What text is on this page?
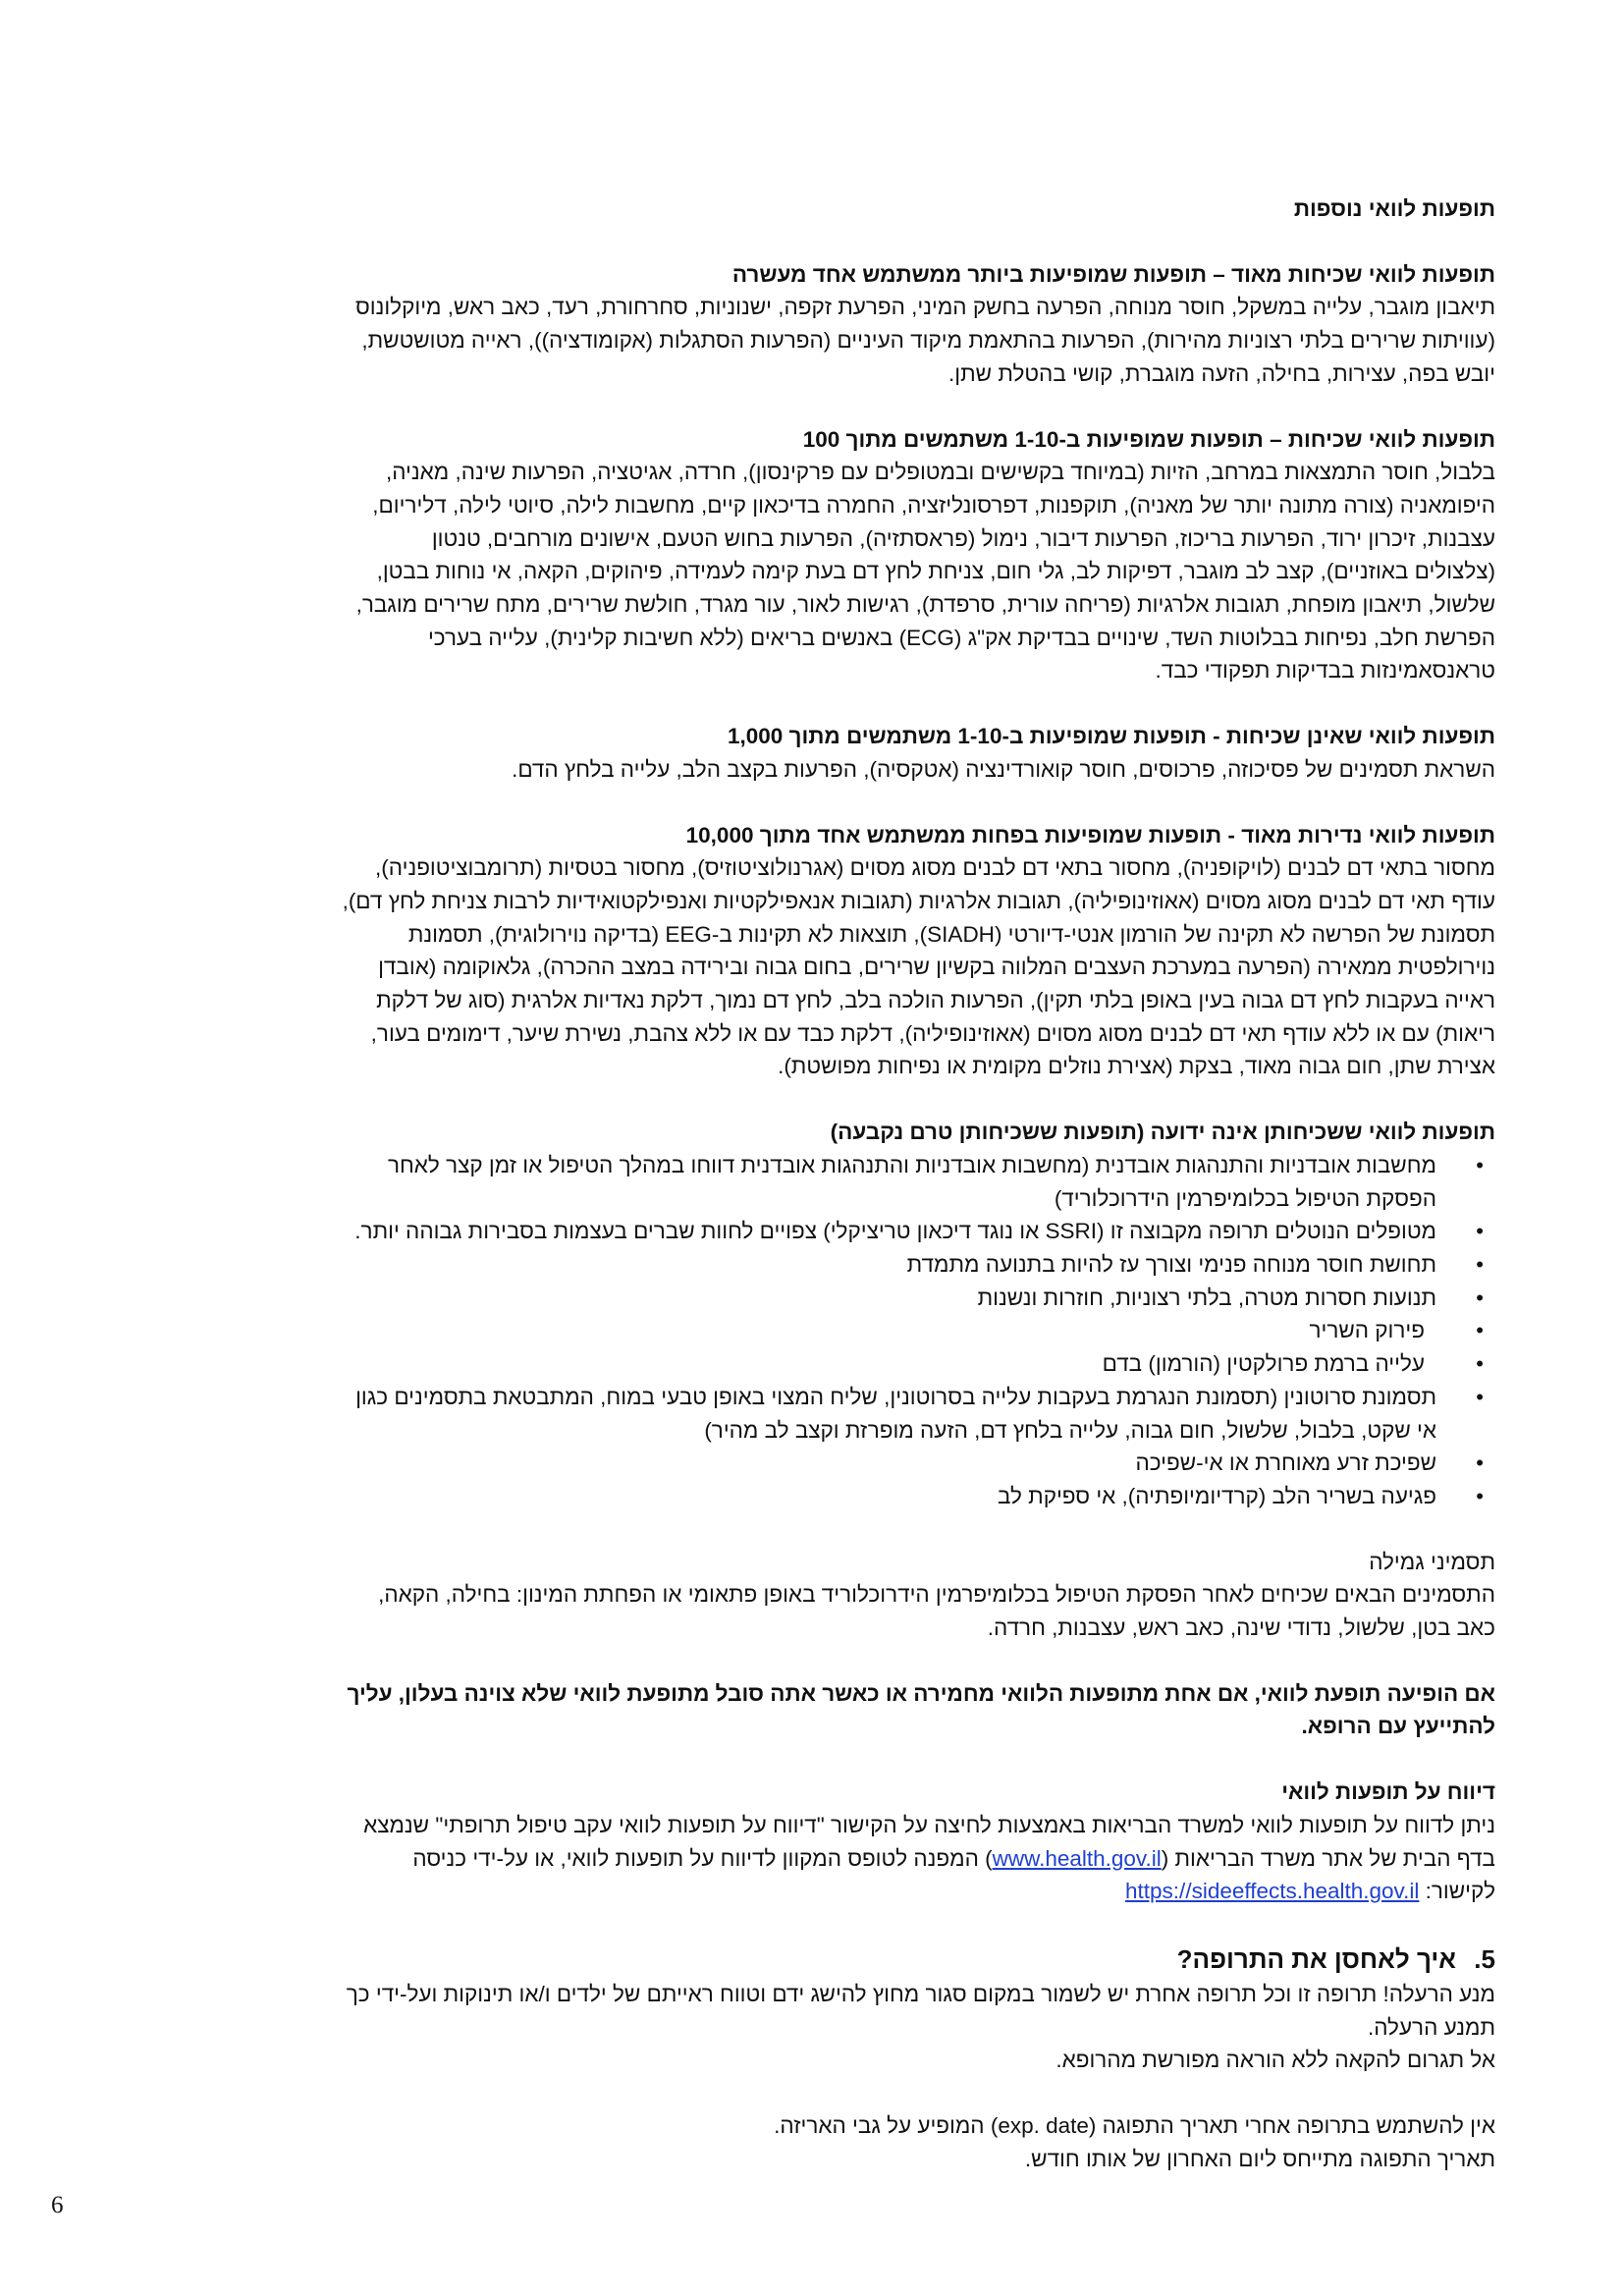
תופעות לוואי נוספות

תופעות לוואי שכיחות מאוד – תופעות שמופיעות ביותר ממשתמש אחד מעשרה

תיאבון מוגבר, עלייה במשקל, חוסר מנוחה, הפרעה בחשק המיני, הפרעת זקפה, ישנוניות, סחרחורת, רעד, כאב ראש, מיוקלונוס

(עוויתות שרירים בלתי רצוניות מהירות), הפרעות בהתאמת מיקוד העיניים (הפרעות הסתגלות (אקומודציה)), ראייה מטושטשת,

יובש בפה, עצירות, בחילה, הזעה מוגברת, קושי בהטלת שתן.

תופעות לוואי שכיחות – תופעות שמופיעות ב-1-10 משתמשים מתוך 100

בלבול, חוסר התמצאות במרחב, הזיות (במיוחד בקשישים ובמטופלים עם פרקינסון), חרדה, אגיטציה, הפרעות שינה, מאניה,

היפומאניה (צורה מתונה יותר של מאניה), תוקפנות, דפרסונליזציה, החמרה בדיכאון קיים, מחשבות לילה, סיוטי לילה, דליריום,

עצבנות, זיכרון ירוד, הפרעות בריכוז, הפרעות דיבור, נימול (פראסתזיה), הפרעות בחוש הטעם, אישונים מורחבים, טנטון

(צלצולים באוזניים), קצב לב מוגבר, דפיקות לב, גלי חום, צניחת לחץ דם בעת קימה לעמידה, פיהוקים, הקאה, אי נוחות בבטן,

שלשול, תיאבון מופחת, תגובות אלרגיות (פריחה עורית, סרפדת), רגישות לאור, עור מגרד, חולשת שרירים, מתח שרירים מוגבר,

הפרשת חלב, נפיחות בבלוטות השד, שינויים בבדיקת אק"ג (ECG) באנשים בריאים (ללא חשיבות קלינית), עלייה בערכי

טראנסאמינזות בבדיקות תפקודי כבד.

תופעות לוואי שאינן שכיחות - תופעות שמופיעות ב-1-10 משתמשים מתוך 1,000

השראת תסמינים של פסיכוזה, פרכוסים, חוסר קואורדינציה (אטקסיה), הפרעות בקצב הלב, עלייה בלחץ הדם.

תופעות לוואי נדירות מאוד - תופעות שמופיעות בפחות ממשתמש אחד מתוך 10,000

מחסור בתאי דם לבנים (לויקופניה), מחסור בתאי דם לבנים מסוג מסוים (אגרנולוציטוזיס), מחסור בטסיות (תרומבוציטופניה),

עודף תאי דם לבנים מסוג מסוים (אאוזינופיליה), תגובות אלרגיות (תגובות אנאפילקטיות ואנפילקטואידיות לרבות צניחת לחץ דם),

תסמונת של הפרשה לא תקינה של הורמון אנטי-דיורטי (SIADH), תוצאות לא תקינות ב-EEG (בדיקה נוירולוגית), תסמונת

נוירולפטית ממאירה (הפרעה במערכת העצבים המלווה בקשיון שרירים, בחום גבוה ובירידה במצב ההכרה), גלאוקומה (אובדן

ראייה בעקבות לחץ דם גבוה בעין באופן בלתי תקין), הפרעות הולכה בלב, לחץ דם נמוך, דלקת נאדיות אלרגית (סוג של דלקת

ריאות) עם או ללא עודף תאי דם לבנים מסוג מסוים (אאוזינופיליה), דלקת כבד עם או ללא צהבת, נשירת שיער, דימומים בעור,

אצירת שתן, חום גבוה מאוד, בצקת (אצירת נוזלים מקומית או נפיחות מפושטת).

תופעות לוואי ששכיחותן אינה ידועה (תופעות ששכיחותן טרם נקבעה)

•
מחשבות אובדניות והתנהגות אובדנית (מחשבות אובדניות והתנהגות אובדנית דווחו במהלך הטיפול או זמן קצר לאחר
הפסקת הטיפול בכלומיפרמין הידרוכלוריד)
•
מטופלים הנוטלים תרופה מקבוצה זו (SSRI או נוגד דיכאון טריציקלי) צפויים לחוות שברים בעצמות בסבירות גבוהה יותר.
•
תחושת חוסר מנוחה פנימי וצורך עז להיות בתנועה מתמדת
•
תנועות חסרות מטרה, בלתי רצוניות, חוזרות ונשנות
•
פירוק השריר
•
עלייה ברמת פרולקטין (הורמון) בדם
•
תסמונת סרוטונין (תסמונת הנגרמת בעקבות עלייה בסרוטונין, שליח המצוי באופן טבעי במוח, המתבטאת בתסמינים כגון
אי שקט, בלבול, שלשול, חום גבוה, עלייה בלחץ דם, הזעה מופרזת וקצב לב מהיר)
•
שפיכת זרע מאוחרת או אי-שפיכה
•
פגיעה בשריר הלב (קרדיומיופתיה), אי ספיקת לב

תסמיני גמילה

התסמינים הבאים שכיחים לאחר הפסקת הטיפול בכלומיפרמין הידרוכלוריד באופן פתאומי או הפחתת המינון: בחילה, הקאה,

כאב בטן, שלשול, נדודי שינה, כאב ראש, עצבנות, חרדה.

אם הופיעה תופעת לוואי, אם אחת מתופעות הלוואי מחמירה או כאשר אתה סובל מתופעת לוואי שלא צוינה בעלון, עליך

להתייעץ עם הרופא.

דיווח על תופעות לוואי

ניתן לדווח על תופעות לוואי למשרד הבריאות באמצעות לחיצה על הקישור "דיווח על תופעות לוואי עקב טיפול תרופתי" שנמצא

בדף הבית של אתר משרד הבריאות (www.health.gov.il) המפנה לטופס המקוון לדיווח על תופעות לוואי, או על-ידי כניסה

לקישור: https://sideeffects.health.gov.il

5.איך לאחסן את התרופה?

מנע הרעלה! תרופה זו וכל תרופה אחרת יש לשמור במקום סגור מחוץ להישג ידם וטווח ראייתם של ילדים ו/או תינוקות ועל-ידי כך

תמנע הרעלה.

אל תגרום להקאה ללא הוראה מפורשת מהרופא.

אין להשתמש בתרופה אחרי תאריך התפוגה (exp. date) המופיע על גבי האריזה.

תאריך התפוגה מתייחס ליום האחרון של אותו חודש.

6
